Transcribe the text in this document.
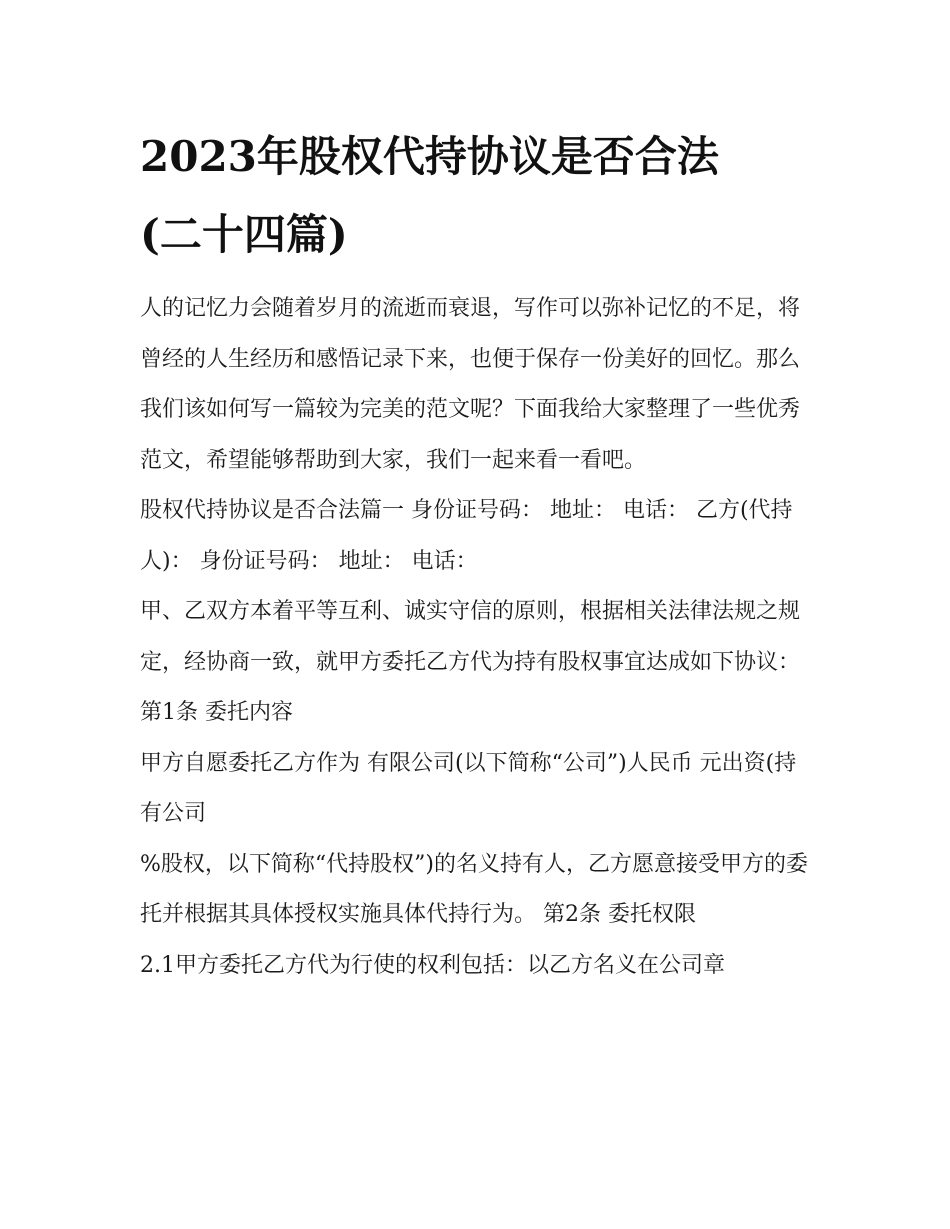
2023年股权代持协议是否合法
(二十四篇)

人的记忆力会随着岁月的流逝而衰退，写作可以弥补记忆的不足，将曾经的人生经历和感悟记录下来，也便于保存一份美好的回忆。那么我们该如何写一篇较为完美的范文呢？下面我给大家整理了一些优秀范文，希望能够帮助到大家，我们一起来看一看吧。

股权代持协议是否合法篇一 身份证号码： 地址： 电话： 乙方(代持人)： 身份证号码： 地址： 电话：

甲、乙双方本着平等互利、诚实守信的原则，根据相关法律法规之规定，经协商一致，就甲方委托乙方代为持有股权事宜达成如下协议： 第1条 委托内容

甲方自愿委托乙方作为 有限公司(以下简称“公司”)人民币 元出资(持有公司

%股权，以下简称“代持股权”)的名义持有人，乙方愿意接受甲方的委托并根据其具体授权实施具体代持行为。 第2条 委托权限

2.1甲方委托乙方代为行使的权利包括：以乙方名义在公司章
